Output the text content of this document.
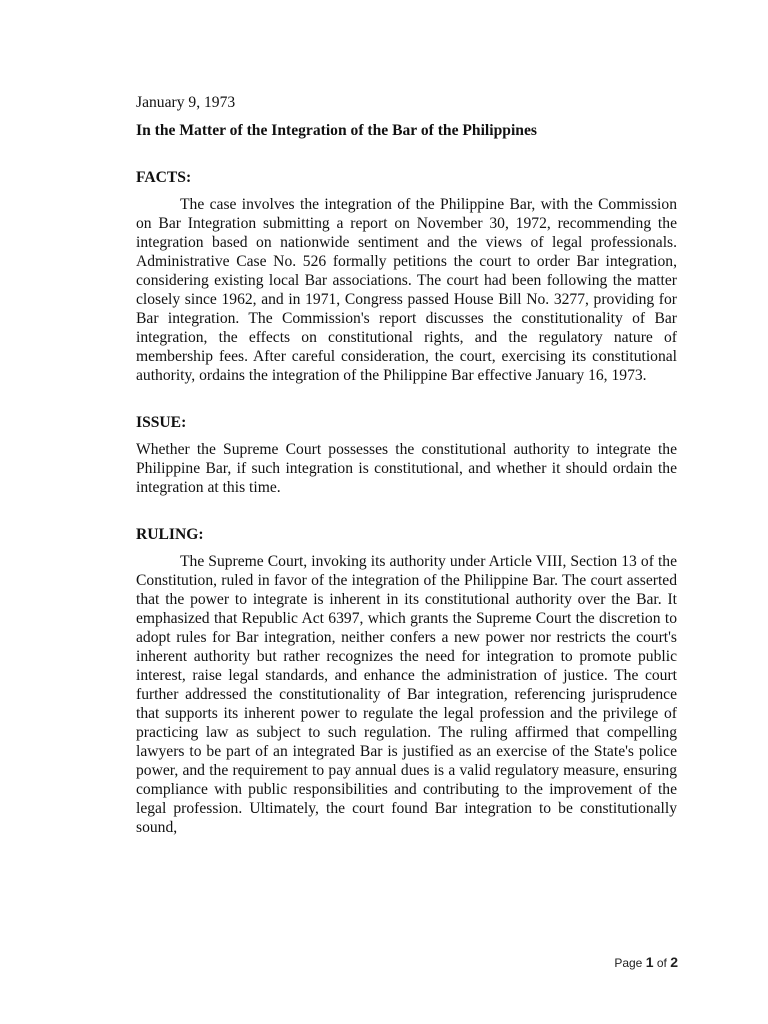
January 9, 1973

In the Matter of the Integration of the Bar of the Philippines

FACTS:

The case involves the integration of the Philippine Bar, with the Commission on Bar Integration submitting a report on November 30, 1972, recommending the integration based on nationwide sentiment and the views of legal professionals. Administrative Case No. 526 formally petitions the court to order Bar integration, considering existing local Bar associations. The court had been following the matter closely since 1962, and in 1971, Congress passed House Bill No. 3277, providing for Bar integration. The Commission's report discusses the constitutionality of Bar integration, the effects on constitutional rights, and the regulatory nature of membership fees. After careful consideration, the court, exercising its constitutional authority, ordains the integration of the Philippine Bar effective January 16, 1973.

ISSUE:

Whether the Supreme Court possesses the constitutional authority to integrate the Philippine Bar, if such integration is constitutional, and whether it should ordain the integration at this time.

RULING:

The Supreme Court, invoking its authority under Article VIII, Section 13 of the Constitution, ruled in favor of the integration of the Philippine Bar. The court asserted that the power to integrate is inherent in its constitutional authority over the Bar. It emphasized that Republic Act 6397, which grants the Supreme Court the discretion to adopt rules for Bar integration, neither confers a new power nor restricts the court's inherent authority but rather recognizes the need for integration to promote public interest, raise legal standards, and enhance the administration of justice. The court further addressed the constitutionality of Bar integration, referencing jurisprudence that supports its inherent power to regulate the legal profession and the privilege of practicing law as subject to such regulation. The ruling affirmed that compelling lawyers to be part of an integrated Bar is justified as an exercise of the State's police power, and the requirement to pay annual dues is a valid regulatory measure, ensuring compliance with public responsibilities and contributing to the improvement of the legal profession. Ultimately, the court found Bar integration to be constitutionally sound,

Page 1 of 2
